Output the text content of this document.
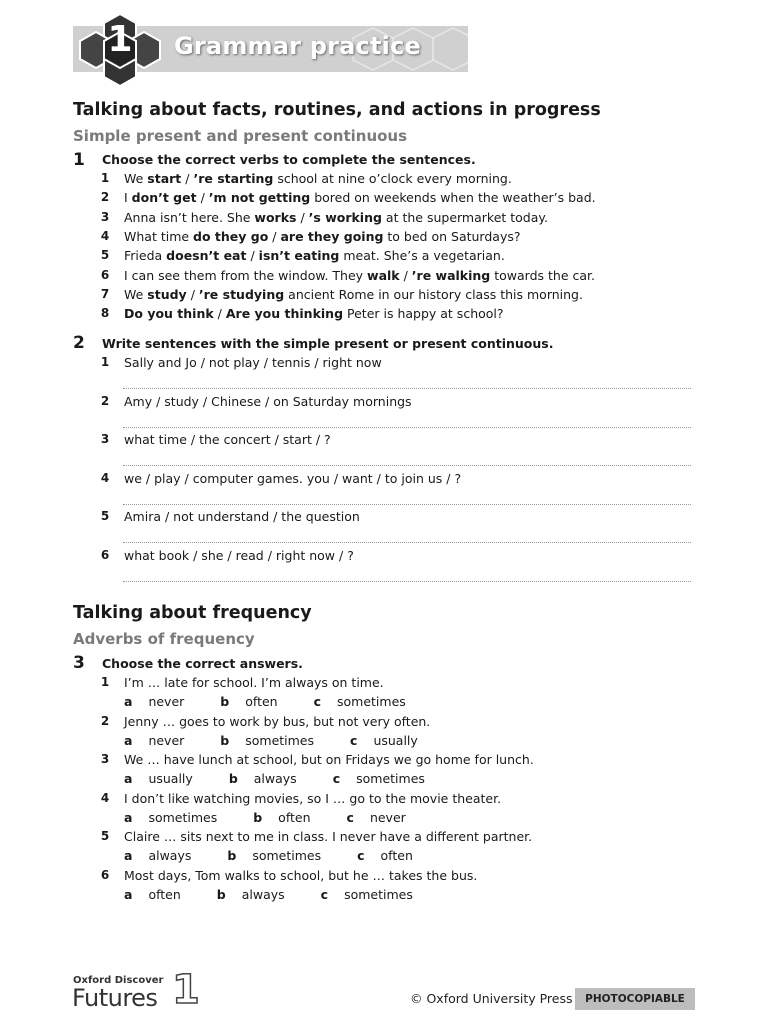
1	Grammar practice
Talking about facts, routines, and actions in progress
Simple present and present continuous
1 Choose the correct verbs to complete the sentences.
1 We start / ’re starting school at nine o’clock every morning.
2 I don’t get / ’m not getting bored on weekends when the weather’s bad.
3 Anna isn’t here. She works / ’s working at the supermarket today.
4 What time do they go / are they going to bed on Saturdays?
5 Frieda doesn’t eat / isn’t eating meat. She’s a vegetarian.
6 I can see them from the window. They walk / ’re walking towards the car.
7 We study / ’re studying ancient Rome in our history class this morning.
8 Do you think / Are you thinking Peter is happy at school?
2 Write sentences with the simple present or present continuous.
1 Sally and Jo / not play / tennis / right now
2 Amy / study / Chinese / on Saturday mornings
3 what time / the concert / start / ?
4 we / play / computer games. you / want / to join us / ?
5 Amira / not understand / the question
6 what book / she / read / right now / ?
Talking about frequency
Adverbs of frequency
3 Choose the correct answers.
1 I’m … late for school. I’m always on time.
a never	b often	c sometimes
2 Jenny … goes to work by bus, but not very often.
a never	b sometimes	c usually
3 We … have lunch at school, but on Fridays we go home for lunch.
a usually	b always	c sometimes
4 I don’t like watching movies, so I … go to the movie theater.
a sometimes	b often	c never
5 Claire … sits next to me in class. I never have a different partner.
a always	b sometimes	c often
6 Most days, Tom walks to school, but he … takes the bus.
a often	b always	c sometimes
Oxford Discover
Futures 1	© Oxford University Press	PHOTOCOPIABLE
